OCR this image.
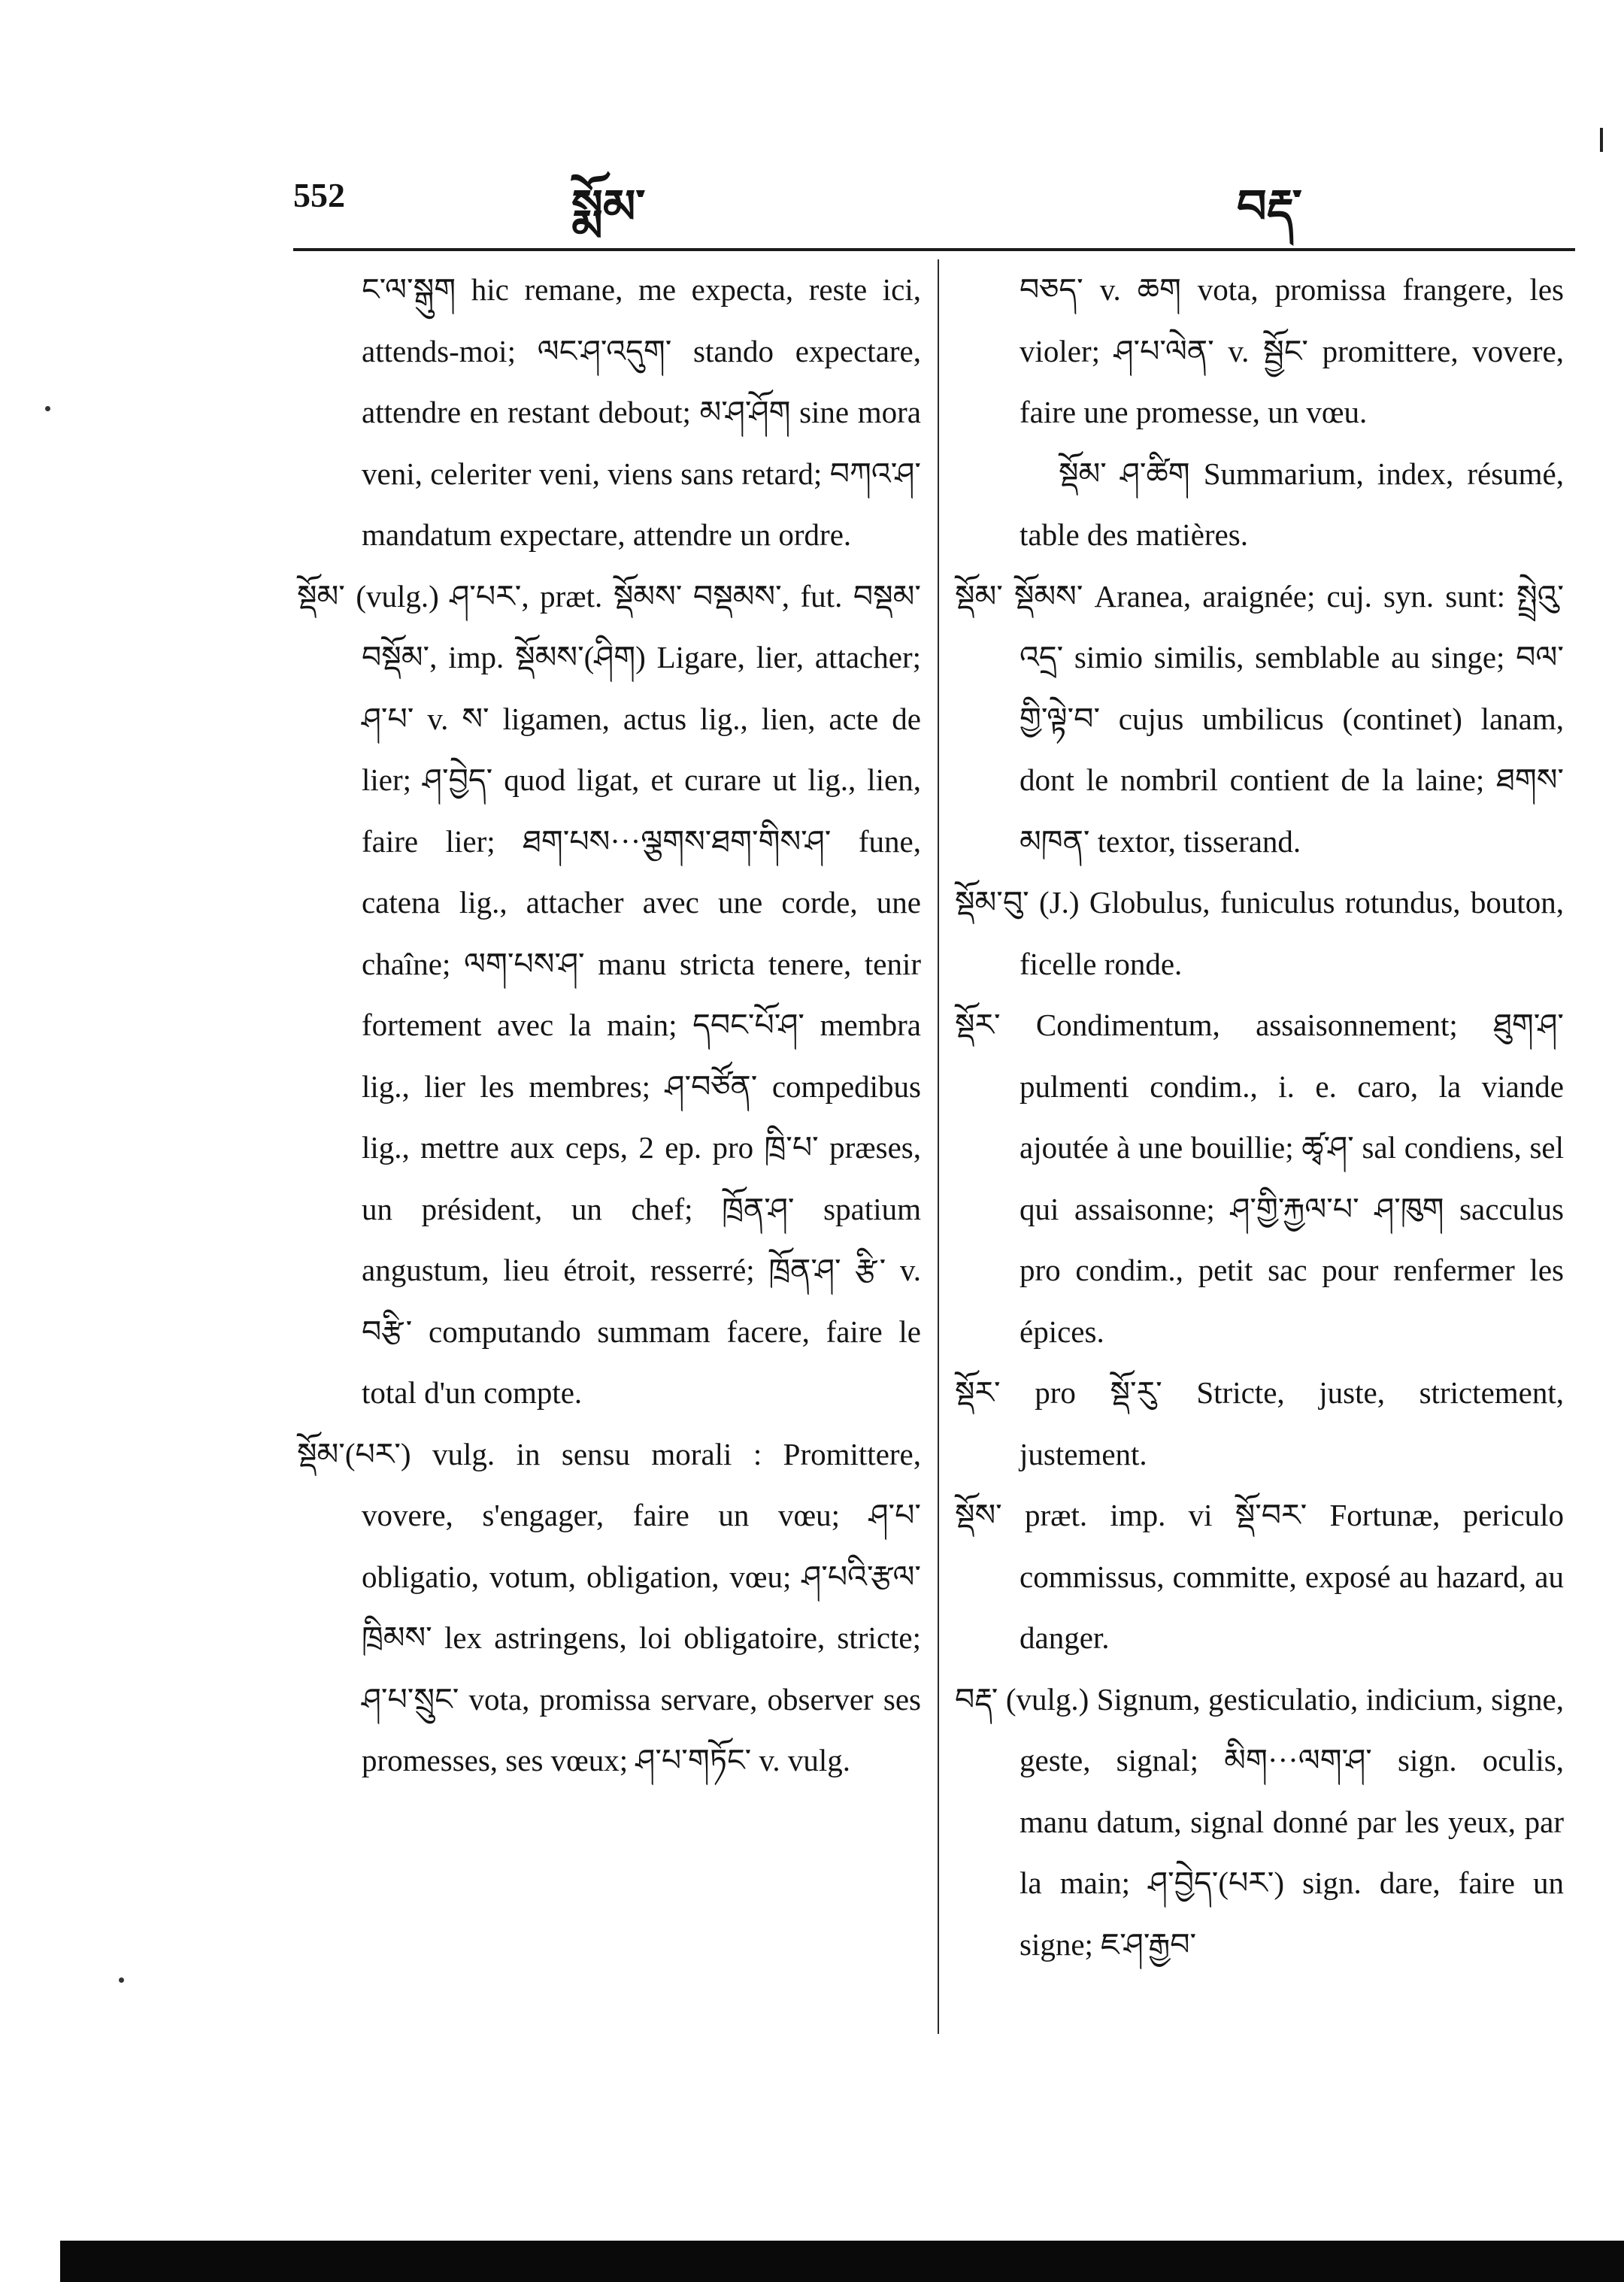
552	སྨོམ་	བརྡ་

ང་ལ་སྒུག hic remane, me expecta, reste ici, attends-moi; ལང་ཤ་འདུག་ stando expectare, attendre en restant debout; མ་ཤ་ཤོག sine mora veni, celeriter veni, viens sans retard; བཀའ་ཤ་ mandatum expectare, attendre un ordre.

སྡོམ་ (vulg.) ཤ་པར་, præt. སྡོམས་ བསྡམས་, fut. བསྡམ་ བསྡོམ་, imp. སྡོམས་(ཤིག) Ligare, lier, attacher; ཤ་པ་ v. ས་ ligamen, actus lig., lien, acte de lier; ཤ་བྱེད་ quod ligat, et curare ut lig., lien, faire lier; ཐག་པས···ལྕགས་ཐག་གིས་ཤ་ fune, catena lig., attacher avec une corde, une chaîne; ལག་པས་ཤ་ manu stricta tenere, tenir fortement avec la main; དབང་པོ་ཤ་ membra lig., lier les membres; ཤ་བཙོན་ compedibus lig., mettre aux ceps, 2 ep. pro ཁྲི་པ་ præses, un président, un chef; ཁྲོན་ཤ་ spatium angustum, lieu étroit, resserré; ཁྲོན་ཤ་ རྩི་ v. བརྩི་ computando summam facere, faire le total d'un compte.

སྡོམ་(པར་) vulg. in sensu morali : Promittere, vovere, s'engager, faire un vœu; ཤ་པ་ obligatio, votum, obligation, vœu; ཤ་པའི་རྩལ་ཁྲིམས་ lex astringens, loi obligatoire, stricte; ཤ་པ་སྲུང་ vota, promissa servare, observer ses promesses, ses vœux; ཤ་པ་གཏོང་ v. vulg.

བཅད་ v. ཆག vota, promissa frangere, les violer; ཤ་པ་ལེན་ v. སྦྱོང་ promittere, vovere, faire une promesse, un vœu.

སྡོམ་ ཤ་ཚིག Summarium, index, résumé, table des matières.

སྡོམ་ སྡོམས་ Aranea, araignée; cuj. syn. sunt: སྤྲེའུ་འདྲ་ simio similis, semblable au singe; བལ་གྱི་ལྟེ་བ་ cujus umbilicus (continet) lanam, dont le nombril contient de la laine; ཐགས་མཁན་ textor, tisserand.

སྡོམ་བུ་ (J.) Globulus, funiculus rotundus, bouton, ficelle ronde.

སྡོར་ Condimentum, assaisonnement; ཐུག་ཤ་ pulmenti condim., i. e. caro, la viande ajoutée à une bouillie; ཚྭ་ཤ་ sal condiens, sel qui assaisonne; ཤ་གྱི་རྐྱལ་པ་ ཤ་ཁུག sacculus pro condim., petit sac pour renfermer les épices.

སྡོར་ pro སྡོ་རུ་ Stricte, juste, strictement, justement.

སྡོས་ præt. imp. vi སྡོ་བར་ Fortunæ, periculo commissus, committe, exposé au hazard, au danger.

བརྡ་ (vulg.) Signum, gesticulatio, indicium, signe, geste, signal; མིག···ལག་ཤ་ sign. oculis, manu datum, signal donné par les yeux, par la main; ཤ་བྱེད་(པར་) sign. dare, faire un signe; ཇ་ཤ་རྒྱབ་
